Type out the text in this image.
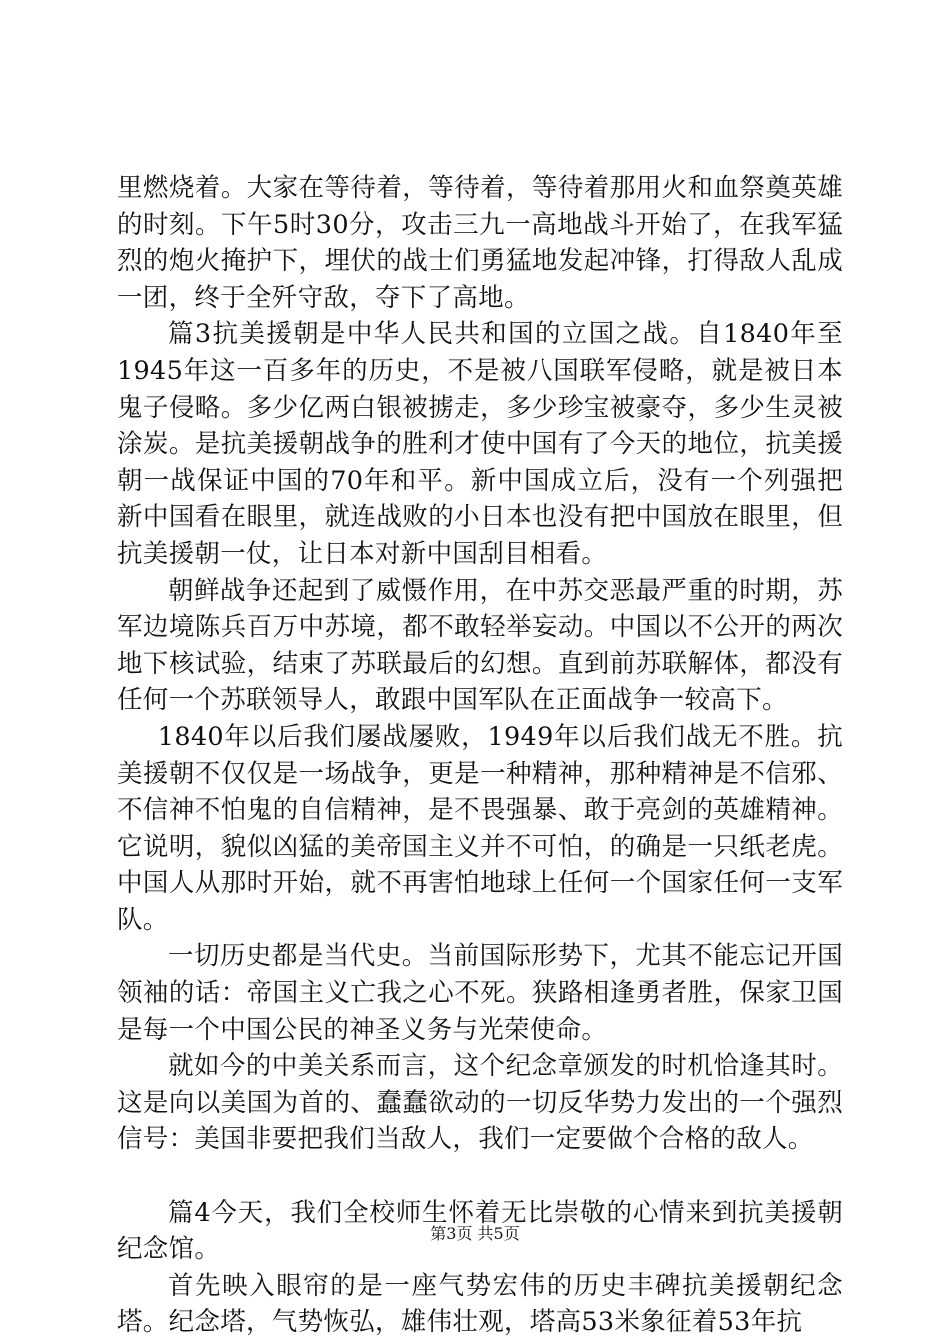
里燃烧着。大家在等待着，等待着，等待着那用火和血祭奠英雄的时刻。下午5时30分，攻击三九一高地战斗开始了，在我军猛烈的炮火掩护下，埋伏的战士们勇猛地发起冲锋，打得敌人乱成一团，终于全歼守敌，夺下了高地。

篇3抗美援朝是中华人民共和国的立国之战。自1840年至1945年这一百多年的历史，不是被八国联军侵略，就是被日本鬼子侵略。多少亿两白银被掳走，多少珍宝被豪夺，多少生灵被涂炭。是抗美援朝战争的胜利才使中国有了今天的地位，抗美援朝一战保证中国的70年和平。新中国成立后，没有一个列强把新中国看在眼里，就连战败的小日本也没有把中国放在眼里，但抗美援朝一仗，让日本对新中国刮目相看。

朝鲜战争还起到了威慑作用，在中苏交恶最严重的时期，苏军边境陈兵百万中苏境，都不敢轻举妄动。中国以不公开的两次地下核试验，结束了苏联最后的幻想。直到前苏联解体，都没有任何一个苏联领导人，敢跟中国军队在正面战争一较高下。

1840年以后我们屡战屡败，1949年以后我们战无不胜。抗美援朝不仅仅是一场战争，更是一种精神，那种精神是不信邪、不信神不怕鬼的自信精神，是不畏强暴、敢于亮剑的英雄精神。它说明，貌似凶猛的美帝国主义并不可怕，的确是一只纸老虎。中国人从那时开始，就不再害怕地球上任何一个国家任何一支军队。

一切历史都是当代史。当前国际形势下，尤其不能忘记开国领袖的话：帝国主义亡我之心不死。狭路相逢勇者胜，保家卫国是每一个中国公民的神圣义务与光荣使命。

就如今的中美关系而言，这个纪念章颁发的时机恰逢其时。这是向以美国为首的、蠢蠢欲动的一切反华势力发出的一个强烈信号：美国非要把我们当敌人，我们一定要做个合格的敌人。

篇4今天，我们全校师生怀着无比崇敬的心情来到抗美援朝纪念馆。

首先映入眼帘的是一座气势宏伟的历史丰碑抗美援朝纪念塔。纪念塔，气势恢弘，雄伟壮观，塔高53米象征着53年抗

第3页 共5页
